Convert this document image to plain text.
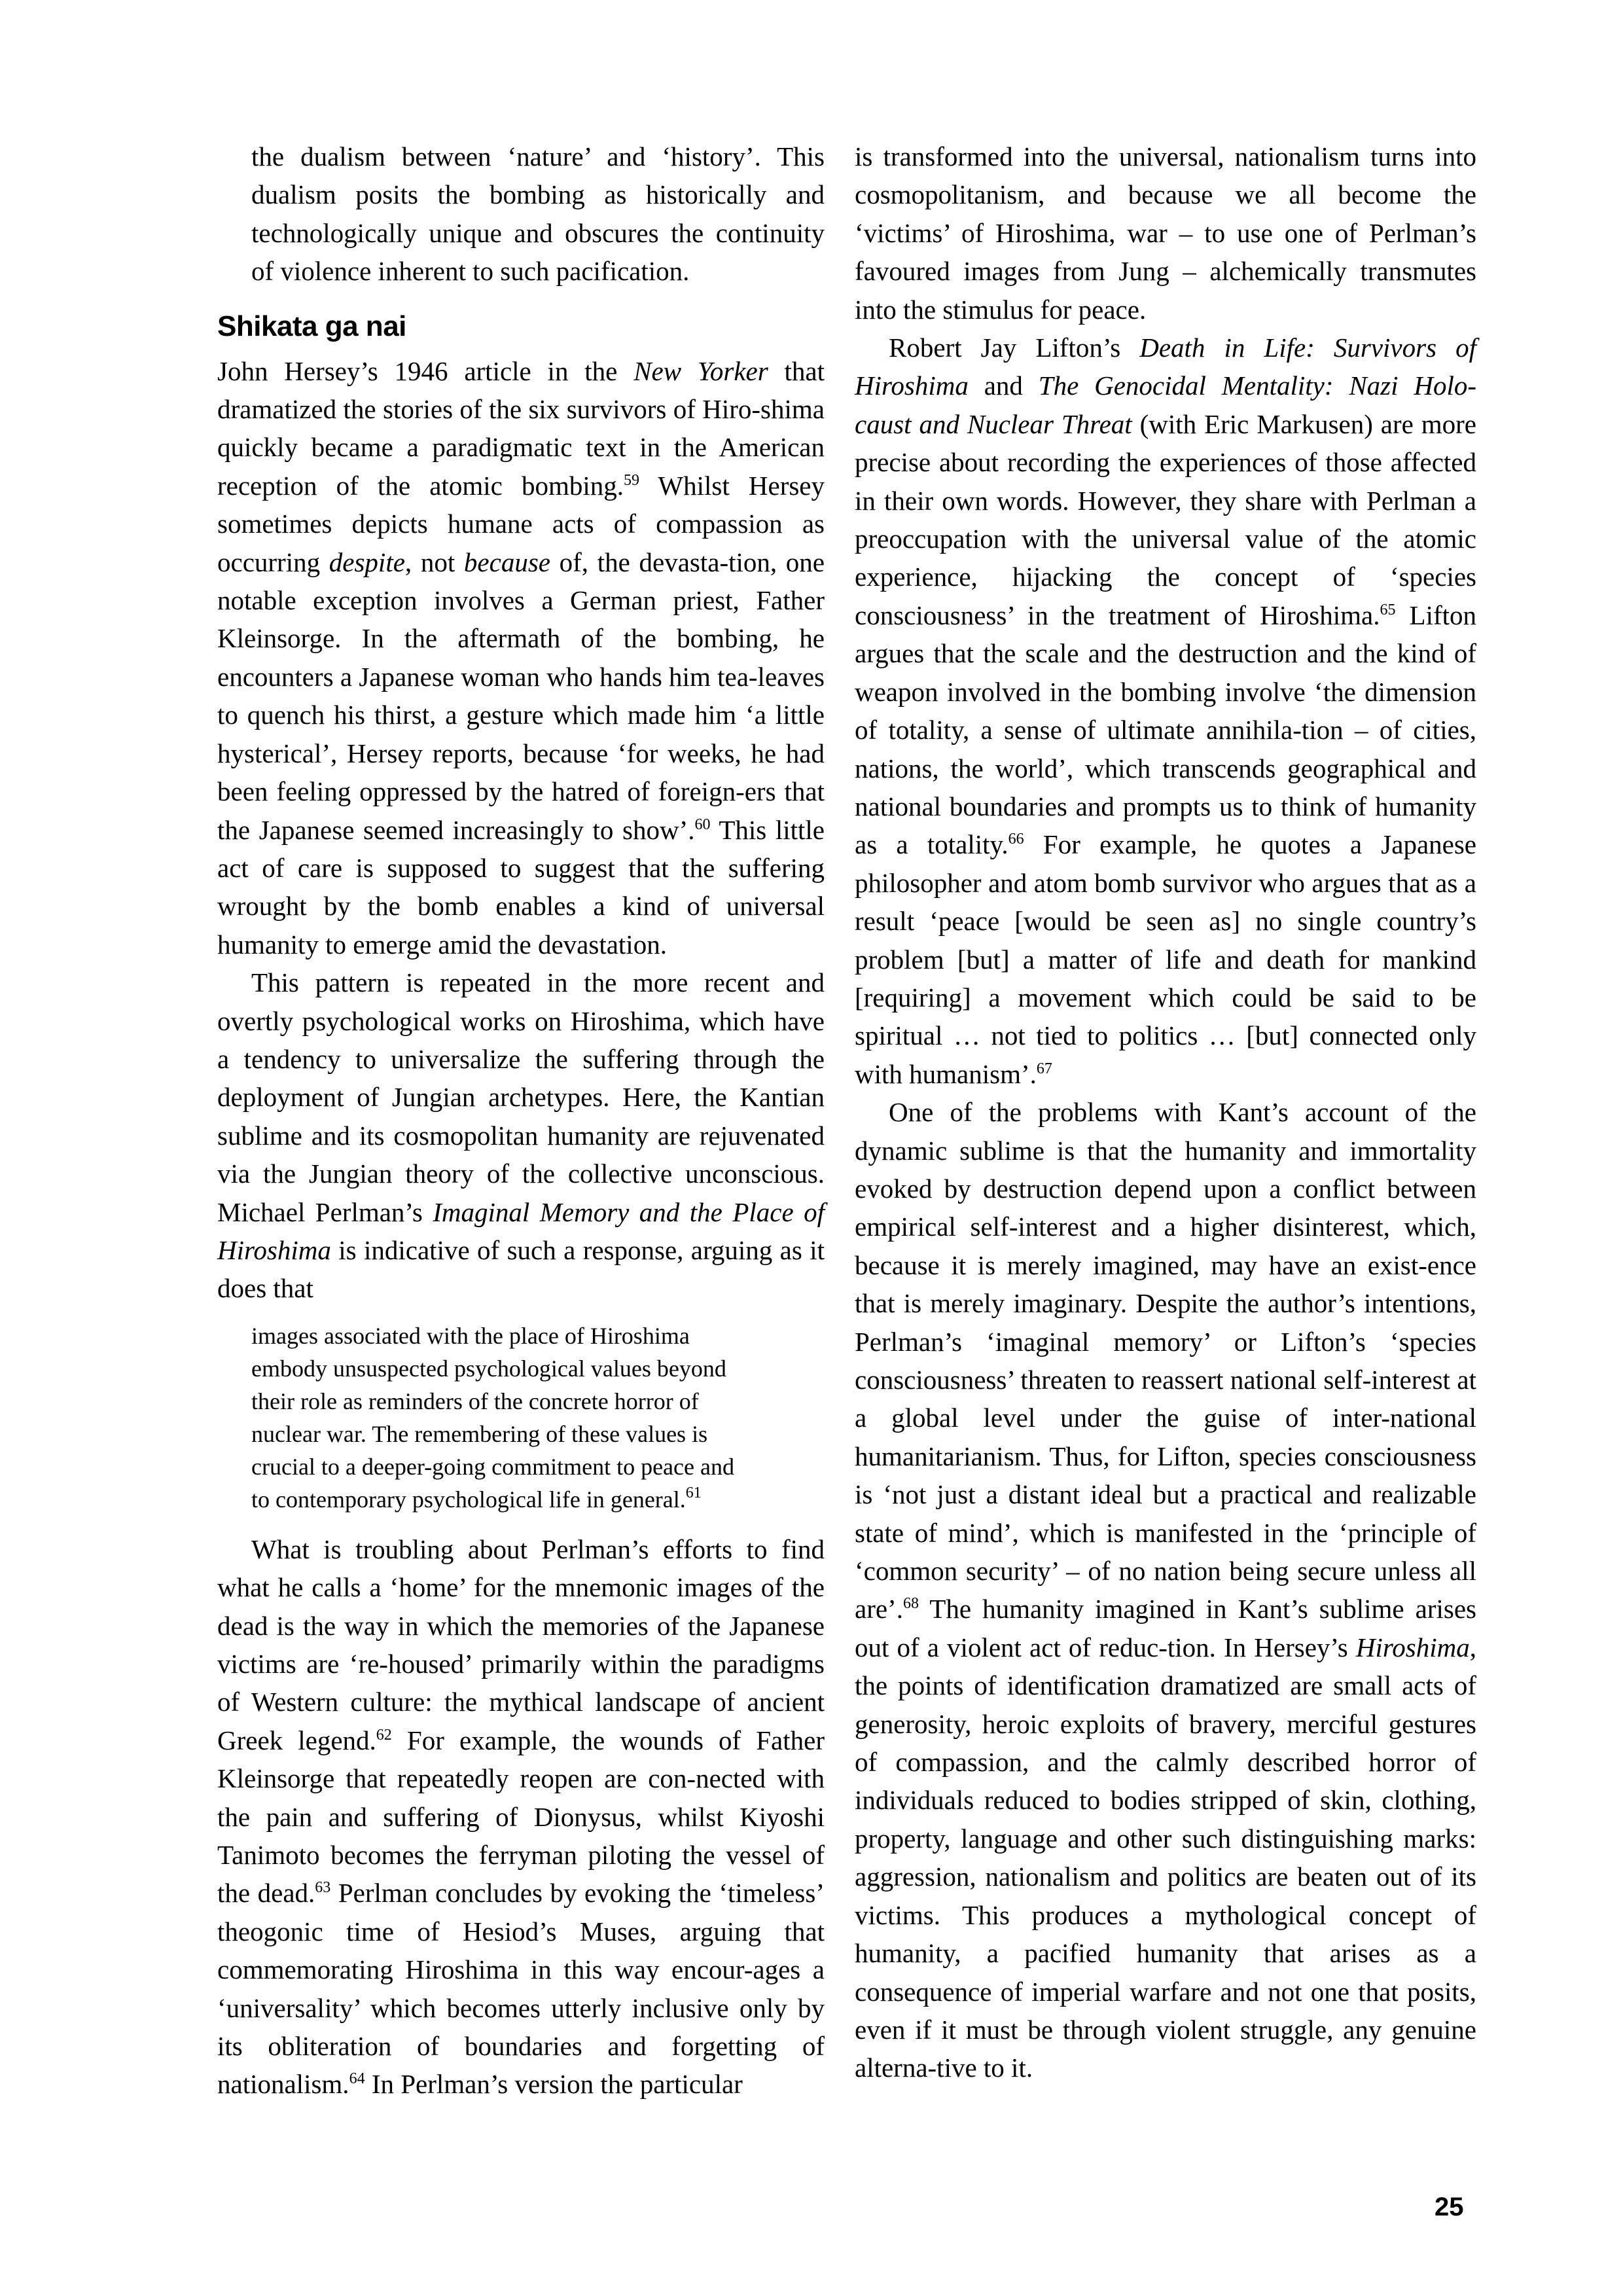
the dualism between ‘nature’ and ‘history’. This dualism posits the bombing as historically and technologically unique and obscures the continuity of violence inherent to such pacification.

Shikata ga nai

John Hersey’s 1946 article in the New Yorker that dramatized the stories of the six survivors of Hiro-shima quickly became a paradigmatic text in the American reception of the atomic bombing.$^{59}$ Whilst Hersey sometimes depicts humane acts of compassion as occurring despite, not because of, the devasta-tion, one notable exception involves a German priest, Father Kleinsorge. In the aftermath of the bombing, he encounters a Japanese woman who hands him tea-leaves to quench his thirst, a gesture which made him ‘a little hysterical’, Hersey reports, because ‘for weeks, he had been feeling oppressed by the hatred of foreign-ers that the Japanese seemed increasingly to show’.$^{60}$ This little act of care is supposed to suggest that the suffering wrought by the bomb enables a kind of universal humanity to emerge amid the devastation.

This pattern is repeated in the more recent and overtly psychological works on Hiroshima, which have a tendency to universalize the suffering through the deployment of Jungian archetypes. Here, the Kantian sublime and its cosmopolitan humanity are rejuvenated via the Jungian theory of the collective unconscious. Michael Perlman’s Imaginal Memory and the Place of Hiroshima is indicative of such a response, arguing as it does that

images associated with the place of Hiroshima
embody unsuspected psychological values beyond
their role as reminders of the concrete horror of
nuclear war. The remembering of these values is
crucial to a deeper-going commitment to peace and
to contemporary psychological life in general.$^{61}$

What is troubling about Perlman’s efforts to find what he calls a ‘home’ for the mnemonic images of the dead is the way in which the memories of the Japanese victims are ‘re-housed’ primarily within the paradigms of Western culture: the mythical landscape of ancient Greek legend.$^{62}$ For example, the wounds of Father Kleinsorge that repeatedly reopen are con-nected with the pain and suffering of Dionysus, whilst Kiyoshi Tanimoto becomes the ferryman piloting the vessel of the dead.$^{63}$ Perlman concludes by evoking the ‘timeless’ theogonic time of Hesiod’s Muses, arguing that commemorating Hiroshima in this way encour-ages a ‘universality’ which becomes utterly inclusive only by its obliteration of boundaries and forgetting of nationalism.$^{64}$ In Perlman’s version the particular

is transformed into the universal, nationalism turns into cosmopolitanism, and because we all become the ‘victims’ of Hiroshima, war – to use one of Perlman’s favoured images from Jung – alchemically transmutes into the stimulus for peace.

Robert Jay Lifton’s Death in Life: Survivors of Hiroshima and The Genocidal Mentality: Nazi Holo-caust and Nuclear Threat (with Eric Markusen) are more precise about recording the experiences of those affected in their own words. However, they share with Perlman a preoccupation with the universal value of the atomic experience, hijacking the concept of ‘species consciousness’ in the treatment of Hiroshima.$^{65}$ Lifton argues that the scale and the destruction and the kind of weapon involved in the bombing involve ‘the dimension of totality, a sense of ultimate annihila-tion – of cities, nations, the world’, which transcends geographical and national boundaries and prompts us to think of humanity as a totality.$^{66}$ For example, he quotes a Japanese philosopher and atom bomb survivor who argues that as a result ‘peace [would be seen as] no single country’s problem [but] a matter of life and death for mankind [requiring] a movement which could be said to be spiritual … not tied to politics … [but] connected only with humanism’.$^{67}$

One of the problems with Kant’s account of the dynamic sublime is that the humanity and immortality evoked by destruction depend upon a conflict between empirical self-interest and a higher disinterest, which, because it is merely imagined, may have an exist-ence that is merely imaginary. Despite the author’s intentions, Perlman’s ‘imaginal memory’ or Lifton’s ‘species consciousness’ threaten to reassert national self-interest at a global level under the guise of inter-national humanitarianism. Thus, for Lifton, species consciousness is ‘not just a distant ideal but a practical and realizable state of mind’, which is manifested in the ‘principle of ‘common security’ – of no nation being secure unless all are’.$^{68}$ The humanity imagined in Kant’s sublime arises out of a violent act of reduc-tion. In Hersey’s Hiroshima, the points of identification dramatized are small acts of generosity, heroic exploits of bravery, merciful gestures of compassion, and the calmly described horror of individuals reduced to bodies stripped of skin, clothing, property, language and other such distinguishing marks: aggression, nationalism and politics are beaten out of its victims. This produces a mythological concept of humanity, a pacified humanity that arises as a consequence of imperial warfare and not one that posits, even if it must be through violent struggle, any genuine alterna-tive to it.

25
